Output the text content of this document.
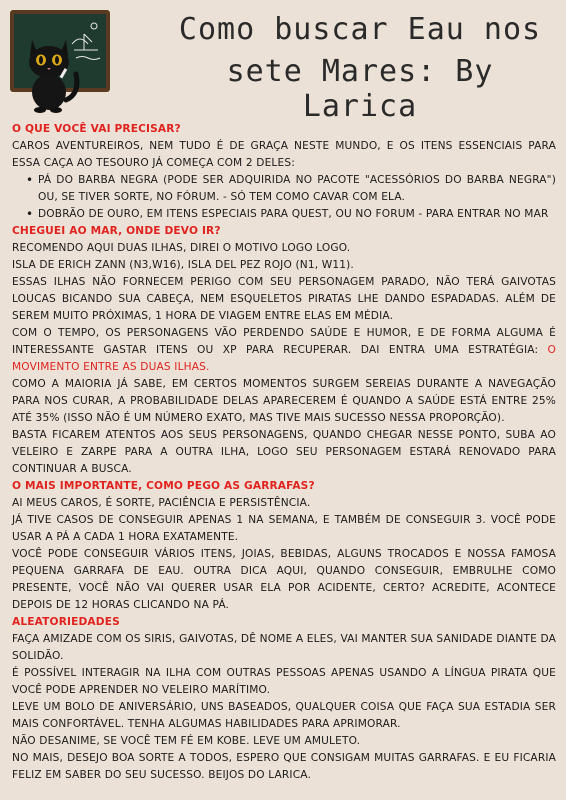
Como buscar Eau nos
sete Mares: By Larica
O QUE VOCÊ VAI PRECISAR?

CAROS AVENTUREIROS, NEM TUDO É DE GRAÇA NESTE MUNDO, E OS ITENS ESSENCIAIS PARA ESSA CAÇA AO TESOURO JÁ COMEÇA COM 2 DELES:

• PÁ DO BARBA NEGRA (PODE SER ADQUIRIDA NO PACOTE "ACESSÓRIOS DO BARBA NEGRA") OU, SE TIVER SORTE, NO FÓRUM. - SÓ TEM COMO CAVAR COM ELA.
• DOBRÃO DE OURO, EM ITENS ESPECIAIS PARA QUEST, OU NO FORUM - PARA ENTRAR NO MAR
CHEGUEI AO MAR, ONDE DEVO IR?

RECOMENDO AQUI DUAS ILHAS, DIREI O MOTIVO LOGO LOGO.

ISLA DE ERICH ZANN (N3,W16), ISLA DEL PEZ ROJO (N1, W11).

ESSAS ILHAS NÃO FORNECEM PERIGO COM SEU PERSONAGEM PARADO, NÃO TERÁ GAIVOTAS LOUCAS BICANDO SUA CABEÇA, NEM ESQUELETOS PIRATAS LHE DANDO ESPADADAS. ALÉM DE SEREM MUITO PRÓXIMAS, 1 HORA DE VIAGEM ENTRE ELAS EM MÉDIA.

COM O TEMPO, OS PERSONAGENS VÃO PERDENDO SAÚDE E HUMOR, E DE FORMA ALGUMA É INTERESSANTE GASTAR ITENS OU XP PARA RECUPERAR. DAI ENTRA UMA ESTRATÉGIA: O MOVIMENTO ENTRE AS DUAS ILHAS.

COMO A MAIORIA JÁ SABE, EM CERTOS MOMENTOS SURGEM SEREIAS DURANTE A NAVEGAÇÃO PARA NOS CURAR, A PROBABILIDADE DELAS APARECEREM É QUANDO A SAÚDE ESTÁ ENTRE 25% ATÉ 35% (ISSO NÃO É UM NÚMERO EXATO, MAS TIVE MAIS SUCESSO NESSA PROPORÇÃO).

BASTA FICAREM ATENTOS AOS SEUS PERSONAGENS, QUANDO CHEGAR NESSE PONTO, SUBA AO VELEIRO E ZARPE PARA A OUTRA ILHA, LOGO SEU PERSONAGEM ESTARÁ RENOVADO PARA CONTINUAR A BUSCA.

O MAIS IMPORTANTE, COMO PEGO AS GARRAFAS?

AI MEUS CAROS, É SORTE, PACIÊNCIA E PERSISTÊNCIA.

JÁ TIVE CASOS DE CONSEGUIR APENAS 1 NA SEMANA, E TAMBÉM DE CONSEGUIR 3. VOCÊ PODE USAR A PÁ A CADA 1 HORA EXATAMENTE.

VOCÊ PODE CONSEGUIR VÁRIOS ITENS, JOIAS, BEBIDAS, ALGUNS TROCADOS E NOSSA FAMOSA PEQUENA GARRAFA DE EAU. OUTRA DICA AQUI, QUANDO CONSEGUIR, EMBRULHE COMO PRESENTE, VOCÊ NÃO VAI QUERER USAR ELA POR ACIDENTE, CERTO? ACREDITE, ACONTECE DEPOIS DE 12 HORAS CLICANDO NA PÁ.

ALEATORIEDADES

FAÇA AMIZADE COM OS SIRIS, GAIVOTAS, DÊ NOME A ELES, VAI MANTER SUA SANIDADE DIANTE DA SOLIDÃO.

É POSSÍVEL INTERAGIR NA ILHA COM OUTRAS PESSOAS APENAS USANDO A LÍNGUA PIRATA QUE VOCÊ PODE APRENDER NO VELEIRO MARÍTIMO.

LEVE UM BOLO DE ANIVERSÁRIO, UNS BASEADOS, QUALQUER COISA QUE FAÇA SUA ESTADIA SER MAIS CONFORTÁVEL. TENHA ALGUMAS HABILIDADES PARA APRIMORAR.

NÃO DESANIME, SE VOCÊ TEM FÉ EM KOBE. LEVE UM AMULETO.

NO MAIS, DESEJO BOA SORTE A TODOS, ESPERO QUE CONSIGAM MUITAS GARRAFAS. E EU FICARIA FELIZ EM SABER DO SEU SUCESSO. BEIJOS DO LARICA.
